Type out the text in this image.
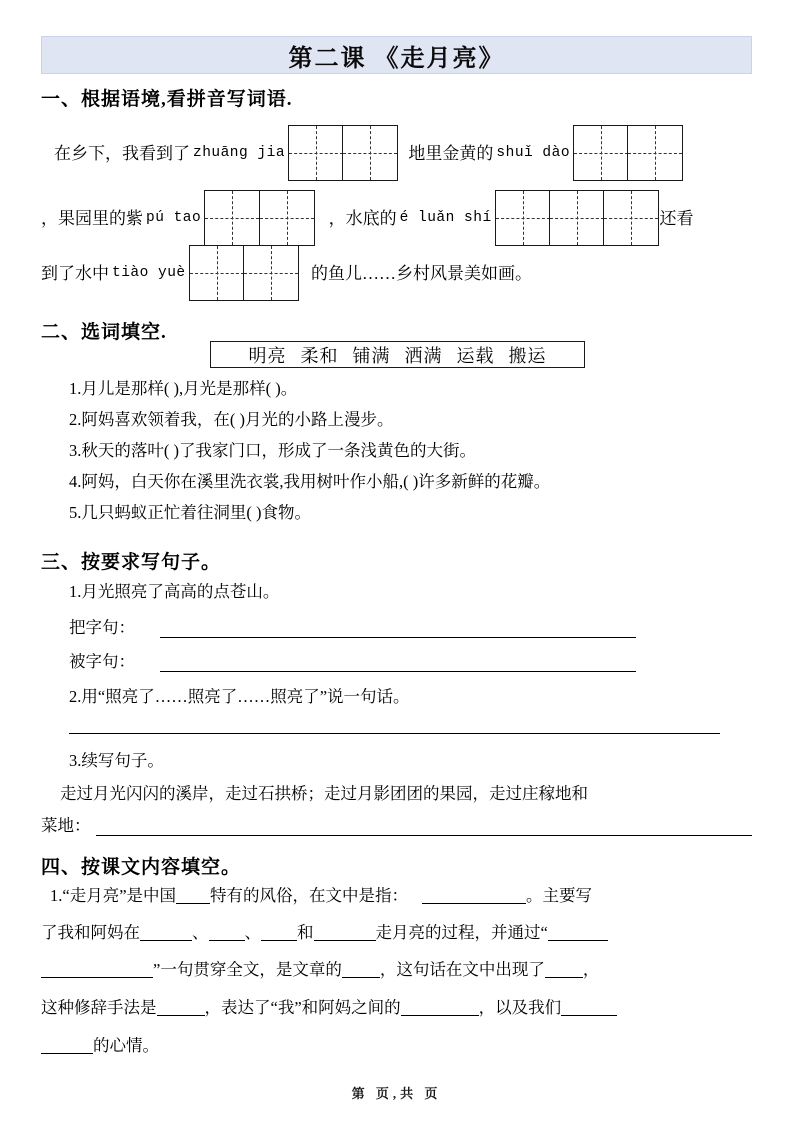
第二课 《走月亮》
一、根据语境,看拼音写词语.
在乡下，我看到了 zhuāng jia	地里金黄的 shuǐ dào
，果园里的紫 pú tao	，水底的 é luǎn shí	还看
到了水中 tiào yuè	的鱼儿……乡村风景美如画。
二、选词填空.
明亮 柔和 铺满 洒满 运载 搬运
1.月儿是那样( ),月光是那样( )。
2.阿妈喜欢领着我，在( )月光的小路上漫步。
3.秋天的落叶( )了我家门口，形成了一条浅黄色的大街。
4.阿妈，白天你在溪里洗衣裳,我用树叶作小船,( )许多新鲜的花瓣。
5.几只蚂蚁正忙着往洞里( )食物。
三、按要求写句子。
1.月光照亮了高高的点苍山。
把字句：
被字句：
2.用“照亮了……照亮了……照亮了”说一句话。
3.续写句子。
走过月光闪闪的溪岸，走过石拱桥；走过月影团团的果园，走过庄稼地和
菜地：
四、按课文内容填空。
1.“走月亮”是中国 特有的风俗，在文中是指：	。主要写
了我和阿妈在	、 、 和	走月亮的过程，并通过“
”一句贯穿全文，是文章的 ，这句话在文中出现了 ，
这种修辞手法是	，表达了“我”和阿妈之间的	，以及我们
的心情。
第 页,共 页
